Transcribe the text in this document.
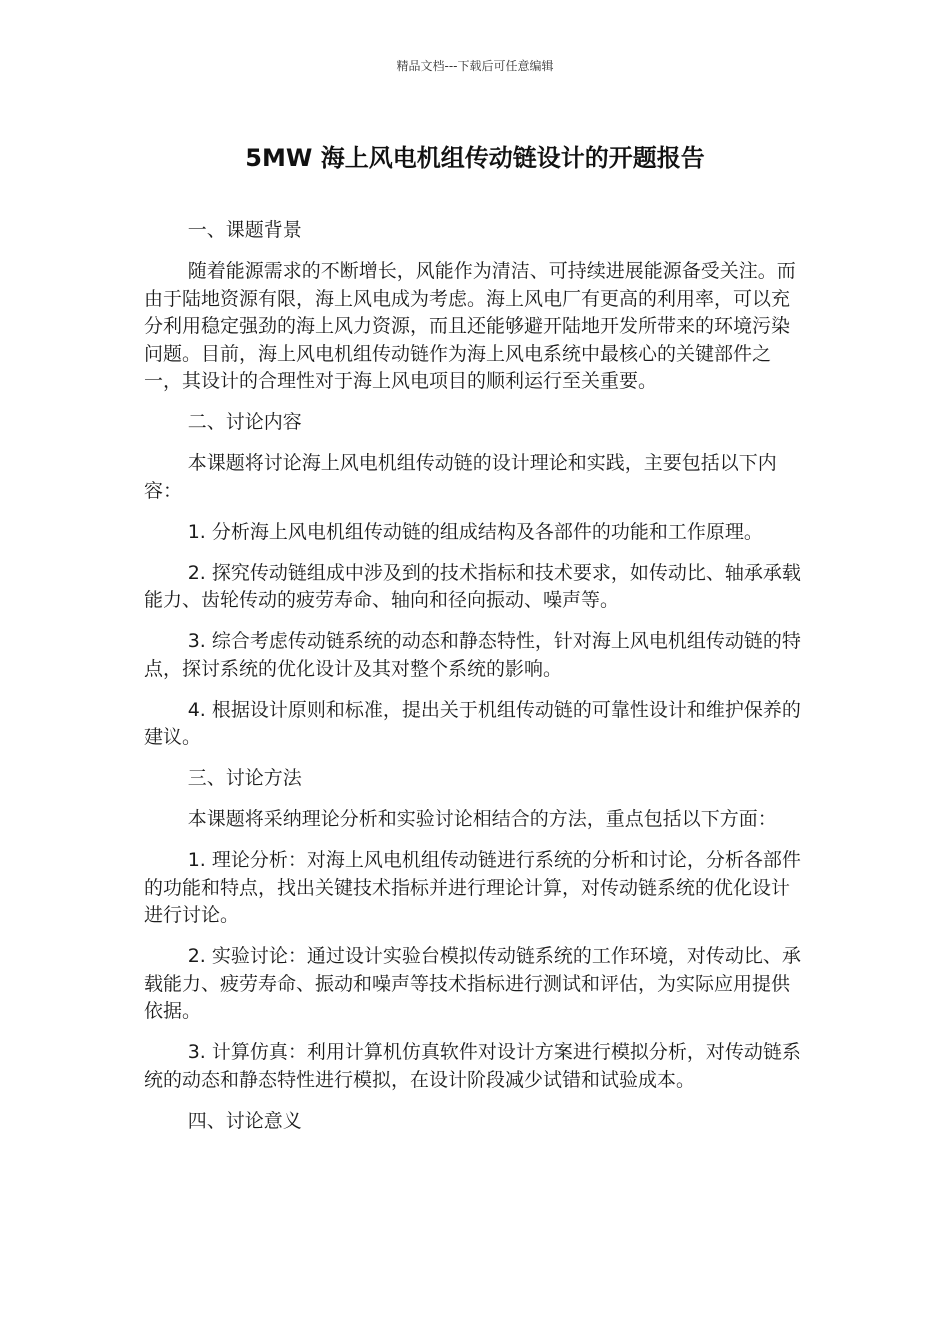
精品文档---下载后可任意编辑
5MW 海上风电机组传动链设计的开题报告

一、课题背景

随着能源需求的不断增长，风能作为清洁、可持续进展能源备受关注。而由于陆地资源有限，海上风电成为考虑。海上风电厂有更高的利用率，可以充分利用稳定强劲的海上风力资源，而且还能够避开陆地开发所带来的环境污染问题。目前，海上风电机组传动链作为海上风电系统中最核心的关键部件之一，其设计的合理性对于海上风电项目的顺利运行至关重要。

二、讨论内容

本课题将讨论海上风电机组传动链的设计理论和实践，主要包括以下内容：

1. 分析海上风电机组传动链的组成结构及各部件的功能和工作原理。

2. 探究传动链组成中涉及到的技术指标和技术要求，如传动比、轴承承载能力、齿轮传动的疲劳寿命、轴向和径向振动、噪声等。

3. 综合考虑传动链系统的动态和静态特性，针对海上风电机组传动链的特点，探讨系统的优化设计及其对整个系统的影响。

4. 根据设计原则和标准，提出关于机组传动链的可靠性设计和维护保养的建议。

三、讨论方法

本课题将采纳理论分析和实验讨论相结合的方法，重点包括以下方面：

1. 理论分析：对海上风电机组传动链进行系统的分析和讨论，分析各部件的功能和特点，找出关键技术指标并进行理论计算，对传动链系统的优化设计进行讨论。

2. 实验讨论：通过设计实验台模拟传动链系统的工作环境，对传动比、承载能力、疲劳寿命、振动和噪声等技术指标进行测试和评估，为实际应用提供依据。

3. 计算仿真：利用计算机仿真软件对设计方案进行模拟分析，对传动链系统的动态和静态特性进行模拟，在设计阶段减少试错和试验成本。

四、讨论意义
